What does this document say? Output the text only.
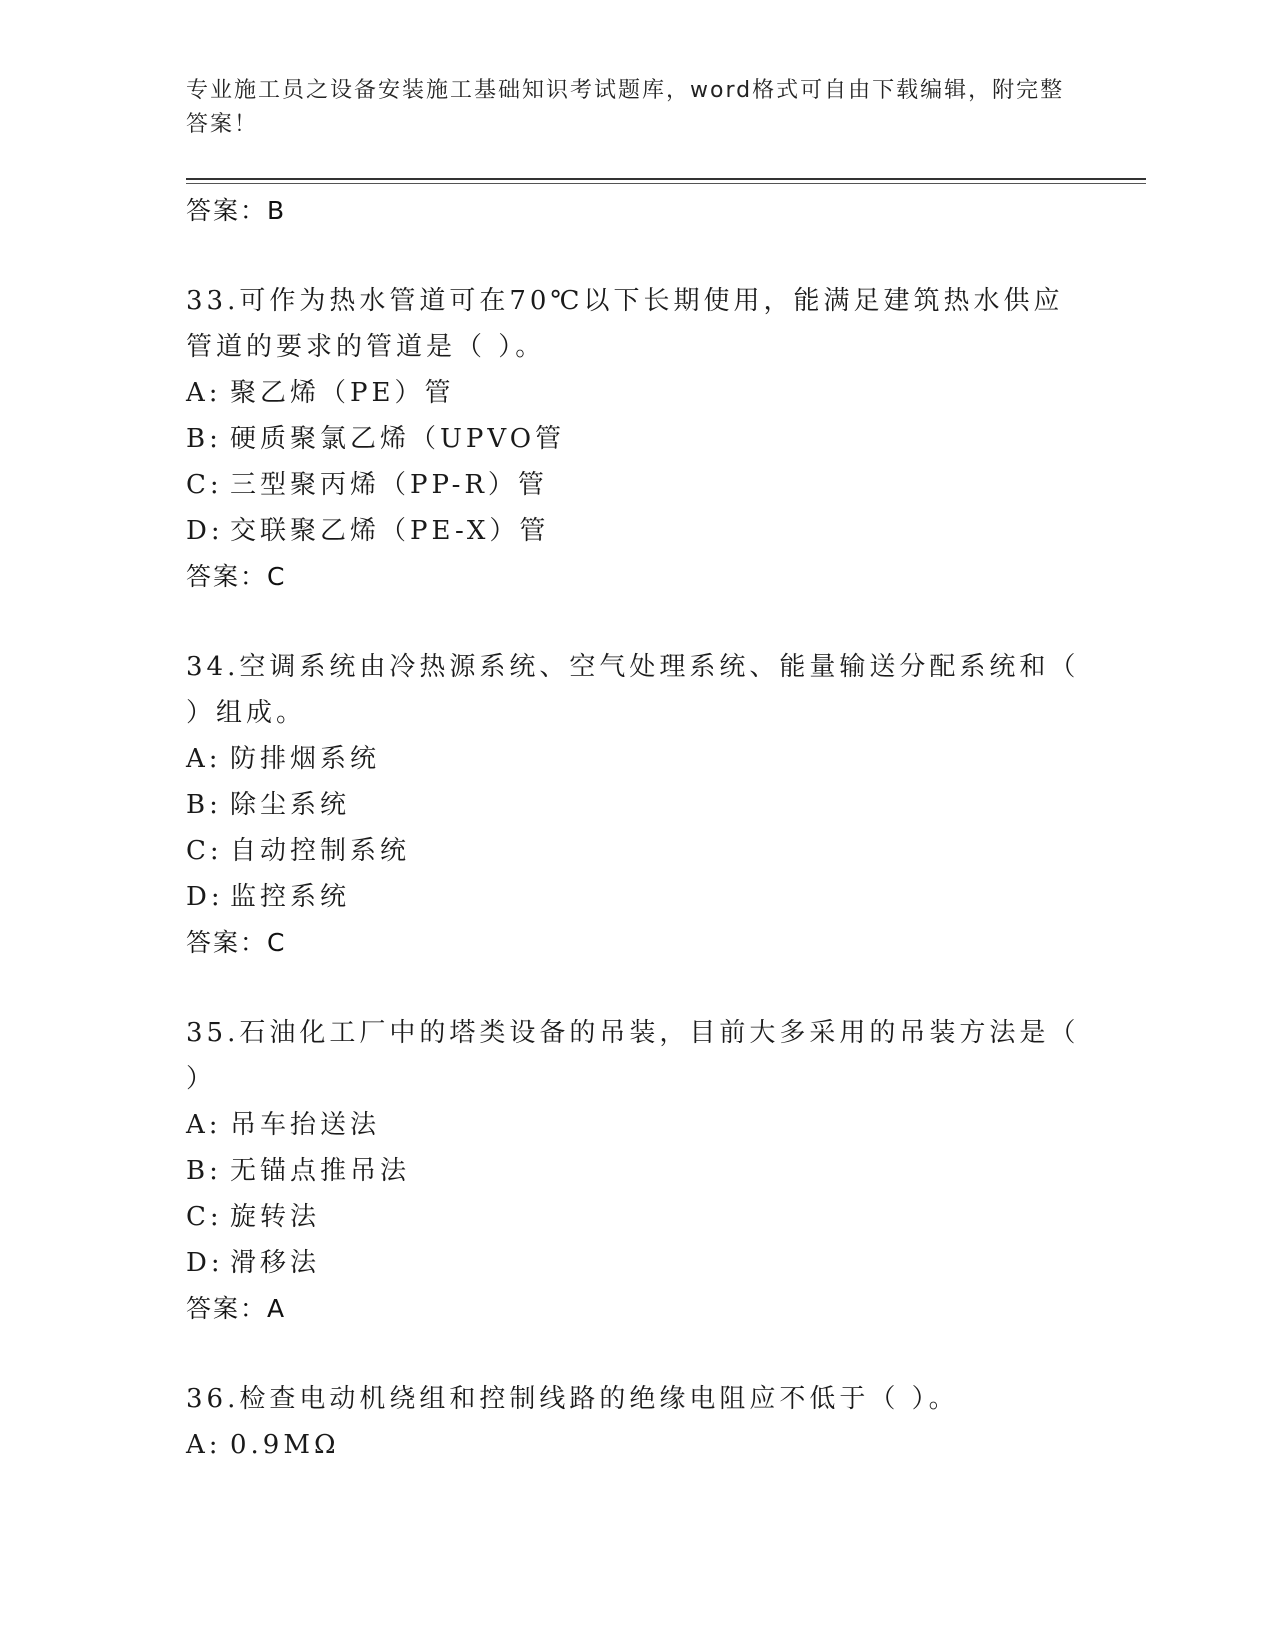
专业施工员之设备安装施工基础知识考试题库，word格式可自由下载编辑，附完整答案！
答案：B
33.可作为热水管道可在70℃以下长期使用，能满足建筑热水供应管道的要求的管道是（ ）。
A: 聚乙烯（PE）管
B: 硬质聚氯乙烯（UPVO管
C: 三型聚丙烯（PP-R）管
D: 交联聚乙烯（PE-X）管
答案：C
34.空调系统由冷热源系统、空气处理系统、能量输送分配系统和（ ）组成。
A: 防排烟系统
B: 除尘系统
C: 自动控制系统
D: 监控系统
答案：C
35.石油化工厂中的塔类设备的吊装，目前大多采用的吊装方法是（ ）
A: 吊车抬送法
B: 无锚点推吊法
C: 旋转法
D: 滑移法
答案：A
36.检查电动机绕组和控制线路的绝缘电阻应不低于（ ）。
A: 0.9MΩ
